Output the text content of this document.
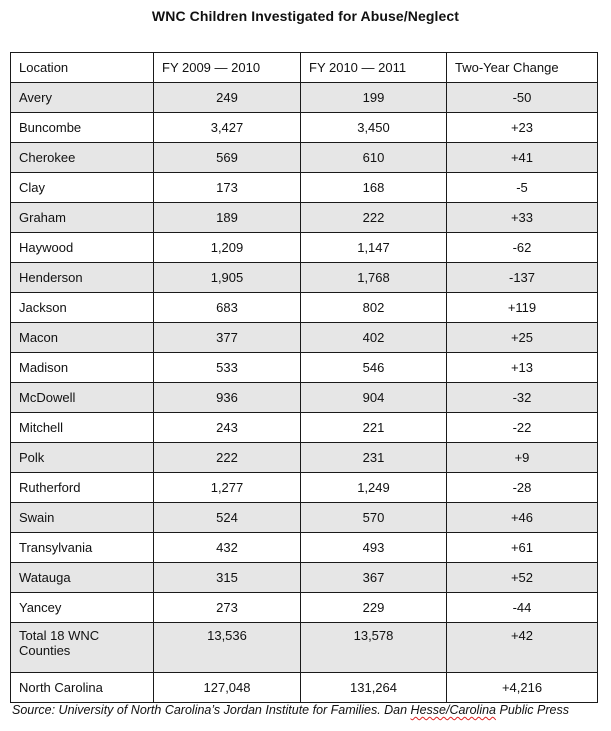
WNC Children Investigated for Abuse/Neglect
Location	FY 2009 — 2010	FY 2010 — 2011	Two-Year Change
Avery	249	199	-50
Buncombe	3,427	3,450	+23
Cherokee	569	610	+41
Clay	173	168	-5
Graham	189	222	+33
Haywood	1,209	1,147	-62
Henderson	1,905	1,768	-137
Jackson	683	802	+119
Macon	377	402	+25
Madison	533	546	+13
McDowell	936	904	-32
Mitchell	243	221	-22
Polk	222	231	+9
Rutherford	1,277	1,249	-28
Swain	524	570	+46
Transylvania	432	493	+61
Watauga	315	367	+52
Yancey	273	229	-44
Total 18 WNC Counties	13,536	13,578	+42
North Carolina	127,048	131,264	+4,216
Source: University of North Carolina’s Jordan Institute for Families. Dan Hesse/Carolina Public Press
